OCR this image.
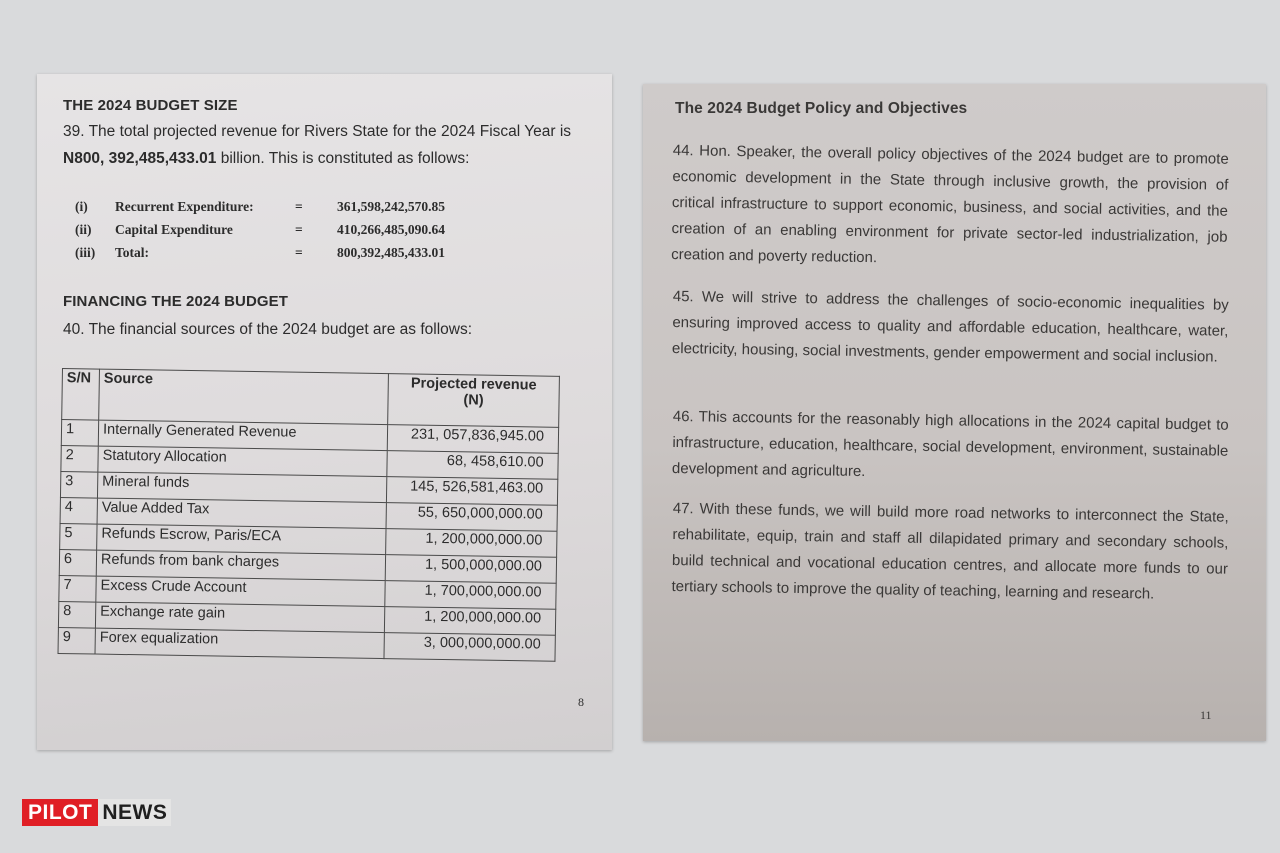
THE 2024 BUDGET SIZE

39. The total projected revenue for Rivers State for the 2024 Fiscal Year is
N800, 392,485,433.01 billion. This is constituted as follows:

(i)	Recurrent Expenditure:	=	361,598,242,570.85
(ii)	Capital Expenditure	=	410,266,485,090.64
(iii)	Total:	=	800,392,485,433.01
FINANCING THE 2024 BUDGET

40. The financial sources of the 2024 budget are as follows:

S/N	Source	Projected revenue
(N)
1	Internally Generated Revenue	231, 057,836,945.00
2	Statutory Allocation	68, 458,610.00
3	Mineral funds	145, 526,581,463.00
4	Value Added Tax	55, 650,000,000.00
5	Refunds Escrow, Paris/ECA	1, 200,000,000.00
6	Refunds from bank charges	1, 500,000,000.00
7	Excess Crude Account	1, 700,000,000.00
8	Exchange rate gain	1, 200,000,000.00
9	Forex equalization	3, 000,000,000.00
8
The 2024 Budget Policy and Objectives

44. Hon. Speaker, the overall policy objectives of the 2024 budget are to promote economic development in the State through inclusive growth, the provision of critical infrastructure to support economic, business, and social activities, and the creation of an enabling environment for private sector-led industrialization, job creation and poverty reduction.

45. We will strive to address the challenges of socio-economic inequalities by ensuring improved access to quality and affordable education, healthcare, water, electricity, housing, social investments, gender empowerment and social inclusion.

46. This accounts for the reasonably high allocations in the 2024 capital budget to infrastructure, education, healthcare, social development, environment, sustainable development and agriculture.

47. With these funds, we will build more road networks to interconnect the State, rehabilitate, equip, train and staff all dilapidated primary and secondary schools, build technical and vocational education centres, and allocate more funds to our tertiary schools to improve the quality of teaching, learning and research.

11
PILOT NEWS
